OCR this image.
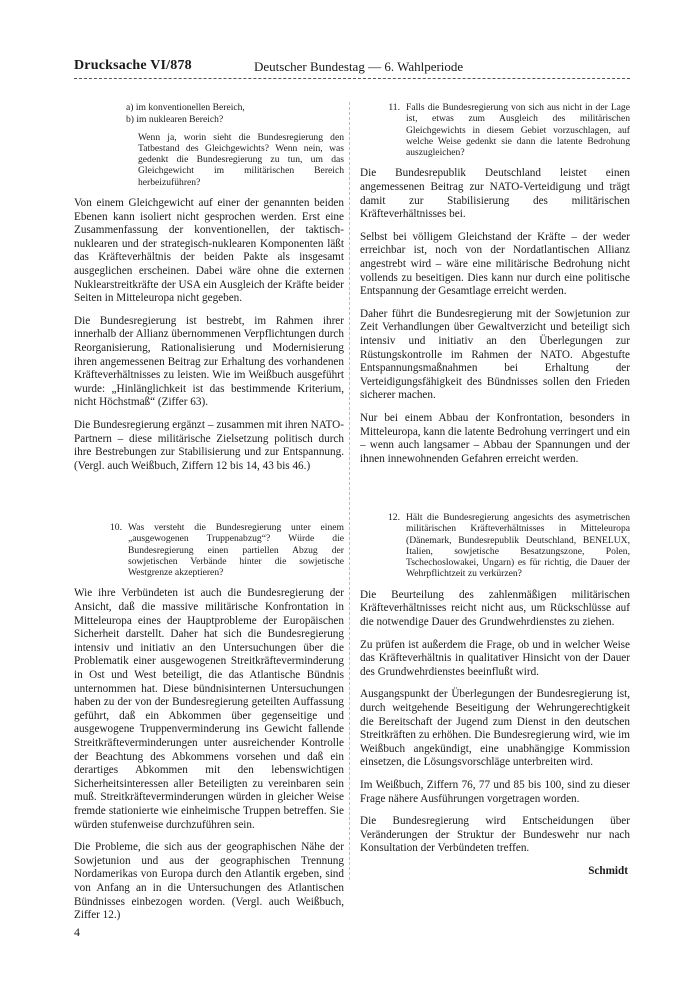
Drucksache VI/878	Deutscher Bundestag — 6. Wahlperiode
a) im konventionellen Bereich,
b) im nuklearen Bereich?
Wenn ja, worin sieht die Bundesregierung den Tatbestand des Gleichgewichts? Wenn nein, was gedenkt die Bundesregierung zu tun, um das Gleichgewicht im militärischen Bereich herbeizuführen?

Von einem Gleichgewicht auf einer der genannten beiden Ebenen kann isoliert nicht gesprochen werden. Erst eine Zusammenfassung der konventionellen, der taktisch-nuklearen und der strategisch-nuklearen Komponenten läßt das Kräfteverhältnis der beiden Pakte als insgesamt ausgeglichen erscheinen. Dabei wäre ohne die externen Nuklearstreitkräfte der USA ein Ausgleich der Kräfte beider Seiten in Mitteleuropa nicht gegeben.

Die Bundesregierung ist bestrebt, im Rahmen ihrer innerhalb der Allianz übernommenen Verpflichtungen durch Reorganisierung, Rationalisierung und Modernisierung ihren angemessenen Beitrag zur Erhaltung des vorhandenen Kräfteverhältnisses zu leisten. Wie im Weißbuch ausgeführt wurde: „Hinlänglichkeit ist das bestimmende Kriterium, nicht Höchstmaß“ (Ziffer 63).

Die Bundesregierung ergänzt – zusammen mit ihren NATO-Partnern – diese militärische Zielsetzung politisch durch ihre Bestrebungen zur Stabilisierung und zur Entspannung. (Vergl. auch Weißbuch, Ziffern 12 bis 14, 43 bis 46.)

10. Was versteht die Bundesregierung unter einem „ausgewogenen Truppenabzug“? Würde die Bundesregierung einen partiellen Abzug der sowjetischen Verbände hinter die sowjetische Westgrenze akzeptieren?

Wie ihre Verbündeten ist auch die Bundesregierung der Ansicht, daß die massive militärische Konfrontation in Mitteleuropa eines der Hauptprobleme der Europäischen Sicherheit darstellt. Daher hat sich die Bundesregierung intensiv und initiativ an den Untersuchungen über die Problematik einer ausgewogenen Streitkräfteverminderung in Ost und West beteiligt, die das Atlantische Bündnis unternommen hat. Diese bündnisinternen Untersuchungen haben zu der von der Bundesregierung geteilten Auffassung geführt, daß ein Abkommen über gegenseitige und ausgewogene Truppenverminderung ins Gewicht fallende Streitkräfteverminderungen unter ausreichender Kontrolle der Beachtung des Abkommens vorsehen und daß ein derartiges Abkommen mit den lebenswichtigen Sicherheitsinteressen aller Beteiligten zu vereinbaren sein muß. Streitkräfteverminderungen würden in gleicher Weise fremde stationierte wie einheimische Truppen betreffen. Sie würden stufenweise durchzuführen sein.

Die Probleme, die sich aus der geographischen Nähe der Sowjetunion und aus der geographischen Trennung Nordamerikas von Europa durch den Atlantik ergeben, sind von Anfang an in die Untersuchungen des Atlantischen Bündnisses einbezogen worden. (Vergl. auch Weißbuch, Ziffer 12.)

11. Falls die Bundesregierung von sich aus nicht in der Lage ist, etwas zum Ausgleich des militärischen Gleichgewichts in diesem Gebiet vorzuschlagen, auf welche Weise gedenkt sie dann die latente Bedrohung auszugleichen?

Die Bundesrepublik Deutschland leistet einen angemessenen Beitrag zur NATO-Verteidigung und trägt damit zur Stabilisierung des militärischen Kräfteverhältnisses bei.

Selbst bei völligem Gleichstand der Kräfte – der weder erreichbar ist, noch von der Nordatlantischen Allianz angestrebt wird – wäre eine militärische Bedrohung nicht vollends zu beseitigen. Dies kann nur durch eine politische Entspannung der Gesamtlage erreicht werden.

Daher führt die Bundesregierung mit der Sowjetunion zur Zeit Verhandlungen über Gewaltverzicht und beteiligt sich intensiv und initiativ an den Überlegungen zur Rüstungskontrolle im Rahmen der NATO. Abgestufte Entspannungsmaßnahmen bei Erhaltung der Verteidigungsfähigkeit des Bündnisses sollen den Frieden sicherer machen.

Nur bei einem Abbau der Konfrontation, besonders in Mitteleuropa, kann die latente Bedrohung verringert und ein – wenn auch langsamer – Abbau der Spannungen und der ihnen innewohnenden Gefahren erreicht werden.

12. Hält die Bundesregierung angesichts des asymetrischen militärischen Kräfteverhältnisses in Mitteleuropa (Dänemark, Bundesrepublik Deutschland, BENELUX, Italien, sowjetische Besatzungszone, Polen, Tschechoslowakei, Ungarn) es für richtig, die Dauer der Wehrpflichtzeit zu verkürzen?

Die Beurteilung des zahlenmäßigen militärischen Kräfteverhältnisses reicht nicht aus, um Rückschlüsse auf die notwendige Dauer des Grundwehrdienstes zu ziehen.

Zu prüfen ist außerdem die Frage, ob und in welcher Weise das Kräfteverhältnis in qualitativer Hinsicht von der Dauer des Grundwehrdienstes beeinflußt wird.

Ausgangspunkt der Überlegungen der Bundesregierung ist, durch weitgehende Beseitigung der Wehrungerechtigkeit die Bereitschaft der Jugend zum Dienst in den deutschen Streitkräften zu erhöhen. Die Bundesregierung wird, wie im Weißbuch angekündigt, eine unabhängige Kommission einsetzen, die Lösungsvorschläge unterbreiten wird.

Im Weißbuch, Ziffern 76, 77 und 85 bis 100, sind zu dieser Frage nähere Ausführungen vorgetragen worden.

Die Bundesregierung wird Entscheidungen über Veränderungen der Struktur der Bundeswehr nur nach Konsultation der Verbündeten treffen.

Schmidt
4
